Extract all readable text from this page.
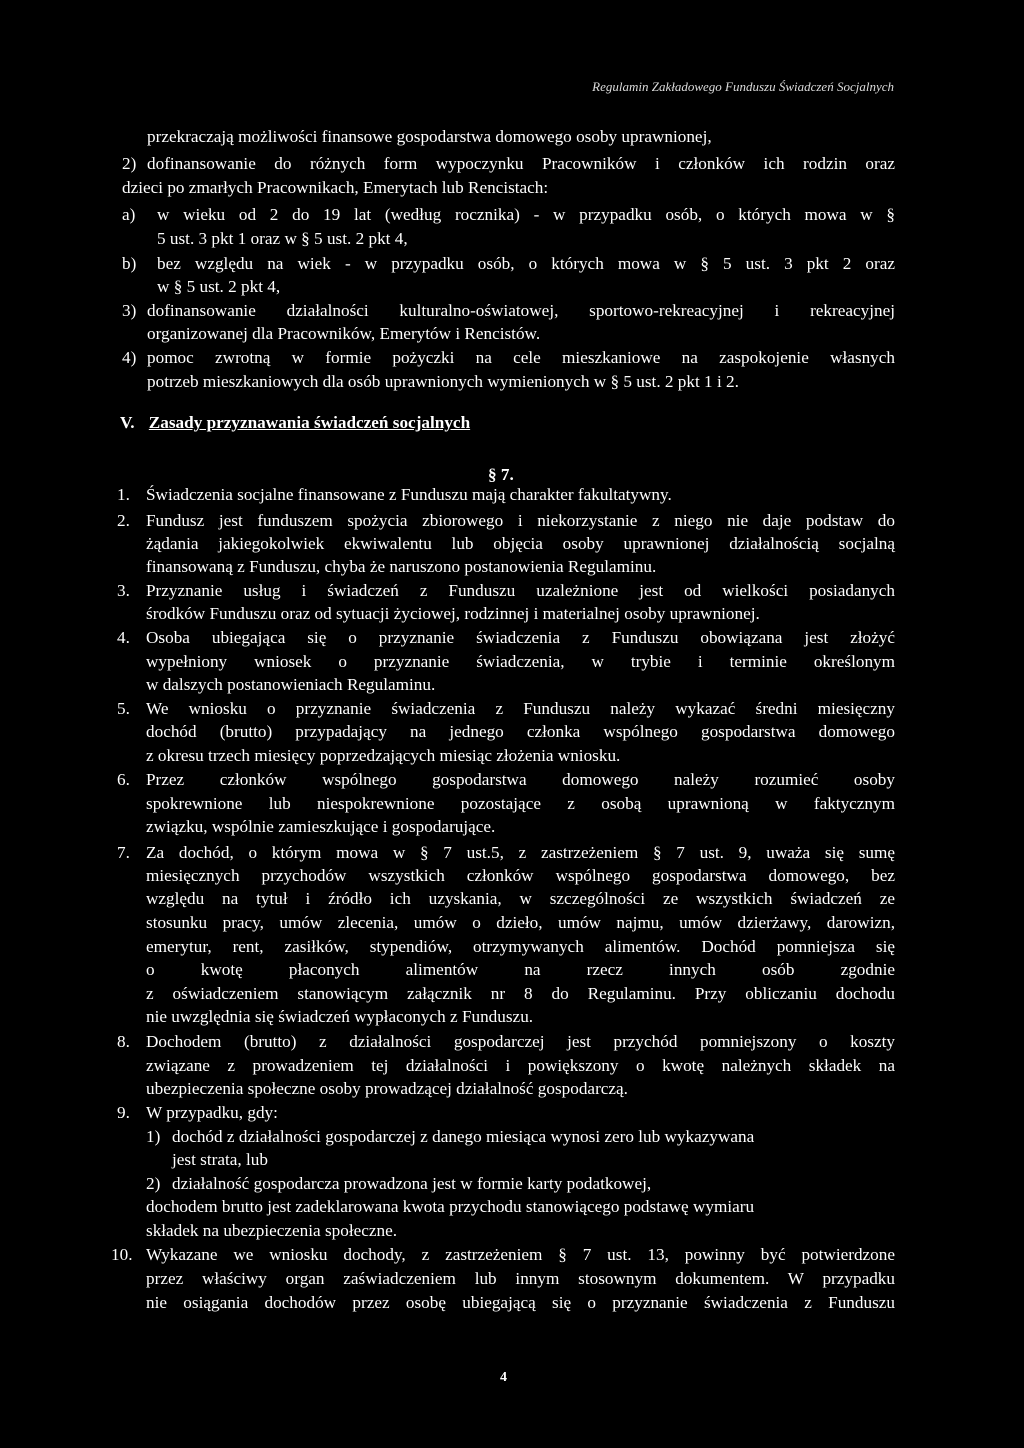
Regulamin Zakładowego Funduszu Świadczeń Socjalnych
przekraczają możliwości finansowe gospodarstwa domowego osoby uprawnionej,
2) dofinansowanie do różnych form wypoczynku Pracowników i członków ich rodzin oraz
dzieci po zmarłych Pracownikach, Emerytach lub Rencistach:
a) w wieku od 2 do 19 lat (według rocznika) - w przypadku osób, o których mowa w §
5 ust. 3 pkt 1 oraz w § 5 ust. 2 pkt 4,
b) bez względu na wiek - w przypadku osób, o których mowa w § 5 ust. 3 pkt 2 oraz
w § 5 ust. 2 pkt 4,
3) dofinansowanie działalności kulturalno-oświatowej, sportowo-rekreacyjnej i rekreacyjnej
organizowanej dla Pracowników, Emerytów i Rencistów.
4) pomoc zwrotną w formie pożyczki na cele mieszkaniowe na zaspokojenie własnych
potrzeb mieszkaniowych dla osób uprawnionych wymienionych w § 5 ust. 2 pkt 1 i 2.
V. Zasady przyznawania świadczeń socjalnych
§ 7.
1. Świadczenia socjalne finansowane z Funduszu mają charakter fakultatywny.
2. Fundusz jest funduszem spożycia zbiorowego i niekorzystanie z niego nie daje podstaw do
żądania jakiegokolwiek ekwiwalentu lub objęcia osoby uprawnionej działalnością socjalną
finansowaną z Funduszu, chyba że naruszono postanowienia Regulaminu.
3. Przyznanie usług i świadczeń z Funduszu uzależnione jest od wielkości posiadanych
środków Funduszu oraz od sytuacji życiowej, rodzinnej i materialnej osoby uprawnionej.
4. Osoba ubiegająca się o przyznanie świadczenia z Funduszu obowiązana jest złożyć
wypełniony wniosek o przyznanie świadczenia, w trybie i terminie określonym
w dalszych postanowieniach Regulaminu.
5. We wniosku o przyznanie świadczenia z Funduszu należy wykazać średni miesięczny
dochód (brutto) przypadający na jednego członka wspólnego gospodarstwa domowego
z okresu trzech miesięcy poprzedzających miesiąc złożenia wniosku.
6. Przez członków wspólnego gospodarstwa domowego należy rozumieć osoby
spokrewnione lub niespokrewnione pozostające z osobą uprawnioną w faktycznym
związku, wspólnie zamieszkujące i gospodarujące.
7. Za dochód, o którym mowa w § 7 ust.5, z zastrzeżeniem § 7 ust. 9, uważa się sumę
miesięcznych przychodów wszystkich członków wspólnego gospodarstwa domowego, bez
względu na tytuł i źródło ich uzyskania, w szczególności ze wszystkich świadczeń ze
stosunku pracy, umów zlecenia, umów o dzieło, umów najmu, umów dzierżawy, darowizn,
emerytur, rent, zasiłków, stypendiów, otrzymywanych alimentów. Dochód pomniejsza się
o kwotę płaconych alimentów na rzecz innych osób zgodnie
z oświadczeniem stanowiącym załącznik nr 8 do Regulaminu. Przy obliczaniu dochodu
nie uwzględnia się świadczeń wypłaconych z Funduszu.
8. Dochodem (brutto) z działalności gospodarczej jest przychód pomniejszony o koszty
związane z prowadzeniem tej działalności i powiększony o kwotę należnych składek na
ubezpieczenia społeczne osoby prowadzącej działalność gospodarczą.
9. W przypadku, gdy:
1) dochód z działalności gospodarczej z danego miesiąca wynosi zero lub wykazywana
jest strata, lub
2) działalność gospodarcza prowadzona jest w formie karty podatkowej,
dochodem brutto jest zadeklarowana kwota przychodu stanowiącego podstawę wymiaru
składek na ubezpieczenia społeczne.
10. Wykazane we wniosku dochody, z zastrzeżeniem § 7 ust. 13, powinny być potwierdzone
przez właściwy organ zaświadczeniem lub innym stosownym dokumentem. W przypadku
nie osiągania dochodów przez osobę ubiegającą się o przyznanie świadczenia z Funduszu
4
